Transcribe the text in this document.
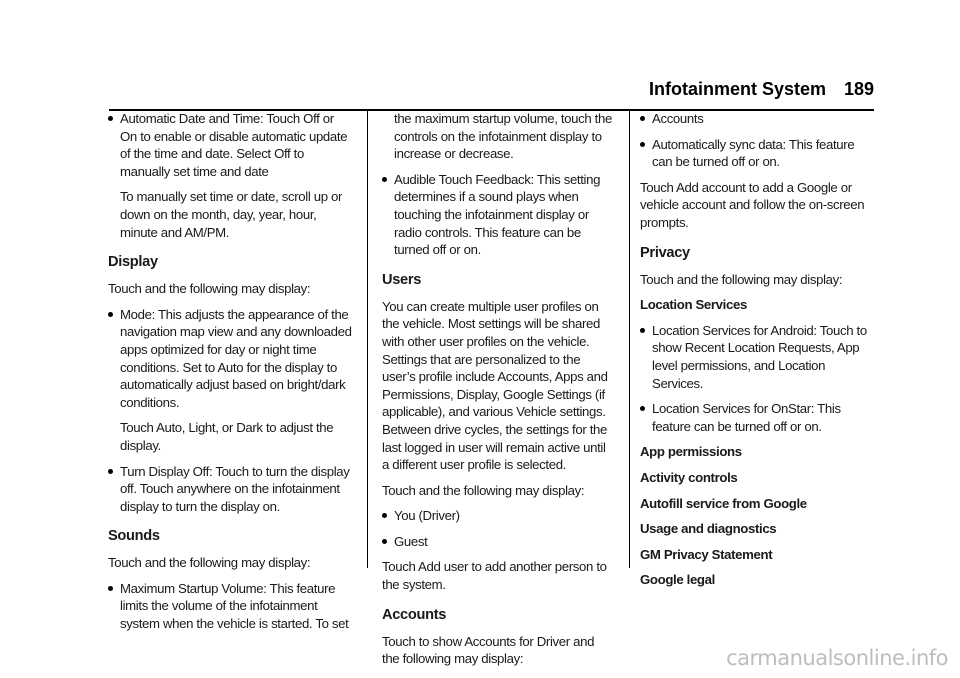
Infotainment System 189
Automatic Date and Time: Touch Off or On to enable or disable automatic update of the time and date. Select Off to manually set time and date
To manually set time or date, scroll up or down on the month, day, year, hour, minute and AM/PM.
Display
Touch and the following may display:
Mode: This adjusts the appearance of the navigation map view and any downloaded apps optimized for day or night time conditions. Set to Auto for the display to automatically adjust based on bright/dark conditions.
Touch Auto, Light, or Dark to adjust the display.
Turn Display Off: Touch to turn the display off. Touch anywhere on the infotainment display to turn the display on.
Sounds
Touch and the following may display:
Maximum Startup Volume: This feature limits the volume of the infotainment system when the vehicle is started. To set
the maximum startup volume, touch the controls on the infotainment display to increase or decrease.
Audible Touch Feedback: This setting determines if a sound plays when touching the infotainment display or radio controls. This feature can be turned off or on.
Users
You can create multiple user profiles on the vehicle. Most settings will be shared with other user profiles on the vehicle. Settings that are personalized to the user’s profile include Accounts, Apps and Permissions, Display, Google Settings (if applicable), and various Vehicle settings. Between drive cycles, the settings for the last logged in user will remain active until a different user profile is selected.
Touch and the following may display:
You (Driver)
Guest
Touch Add user to add another person to the system.
Accounts
Touch to show Accounts for Driver and the following may display:
Accounts
Automatically sync data: This feature can be turned off or on.
Touch Add account to add a Google or vehicle account and follow the on-screen prompts.
Privacy
Touch and the following may display:
Location Services
Location Services for Android: Touch to show Recent Location Requests, App level permissions, and Location Services.
Location Services for OnStar: This feature can be turned off or on.
App permissions
Activity controls
Autofill service from Google
Usage and diagnostics
GM Privacy Statement
Google legal
carmanualsonline.info
